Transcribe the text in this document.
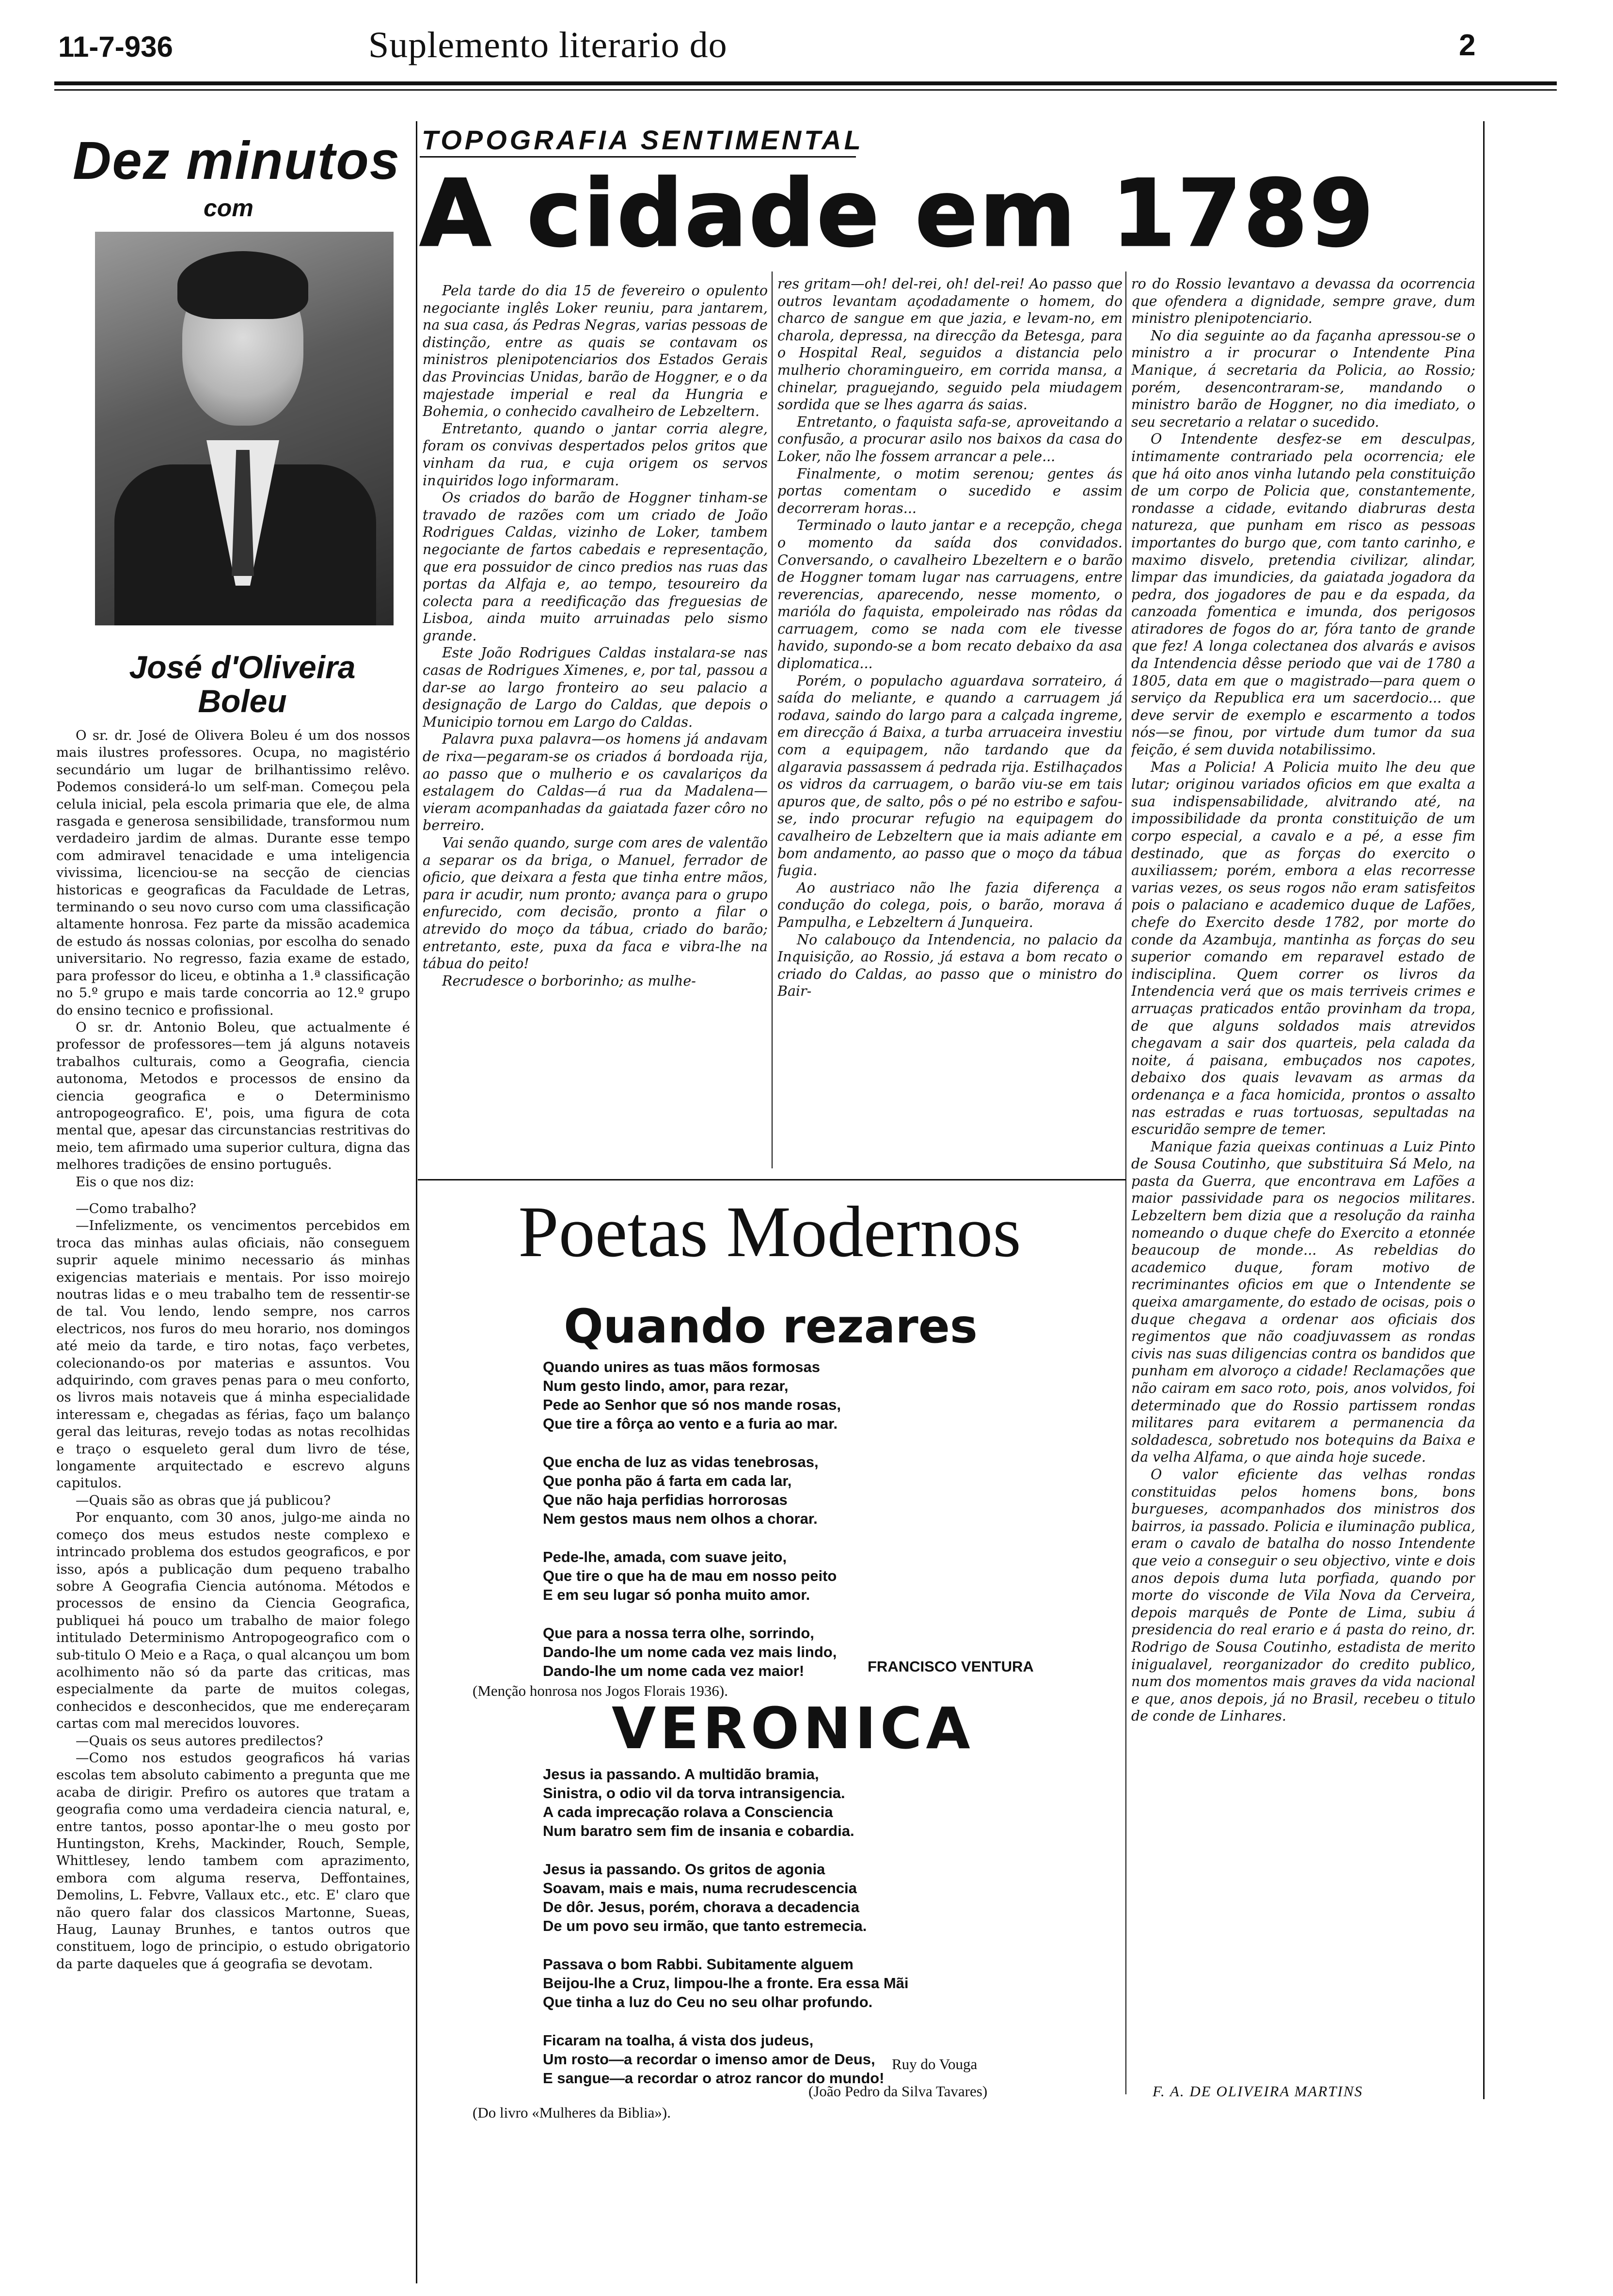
11-7-936	Suplemento literario do	2
Dez minutos
com
José d'Oliveira
Boleu

O sr. dr. José de Olivera Boleu é um dos nossos mais ilustres professores. Ocupa, no magistério secundário um lugar de brilhantissimo relêvo. Podemos considerá-lo um self-man. Começou pela celula inicial, pela escola primaria que ele, de alma rasgada e generosa sensibilidade, transformou num verdadeiro jardim de almas. Durante esse tempo com admiravel tenacidade e uma inteligencia vivissima, licenciou-se na secção de ciencias historicas e geograficas da Faculdade de Letras, terminando o seu novo curso com uma classificação altamente honrosa. Fez parte da missão academica de estudo ás nossas colonias, por escolha do senado universitario. No regresso, fazia exame de estado, para professor do liceu, e obtinha a 1.ª classificação no 5.º grupo e mais tarde concorria ao 12.º grupo do ensino tecnico e profissional.

O sr. dr. Antonio Boleu, que actualmente é professor de professores—tem já alguns notaveis trabalhos culturais, como a Geografia, ciencia autonoma, Metodos e processos de ensino da ciencia geografica e o Determinismo antropogeografico. E', pois, uma figura de cota mental que, apesar das circunstancias restritivas do meio, tem afirmado uma superior cultura, digna das melhores tradições de ensino português.

Eis o que nos diz:

—Como trabalho?

—Infelizmente, os vencimentos percebidos em troca das minhas aulas oficiais, não conseguem suprir aquele minimo necessario ás minhas exigencias materiais e mentais. Por isso moirejo noutras lidas e o meu trabalho tem de ressentir-se de tal. Vou lendo, lendo sempre, nos carros electricos, nos furos do meu horario, nos domingos até meio da tarde, e tiro notas, faço verbetes, colecionando-os por materias e assuntos. Vou adquirindo, com graves penas para o meu conforto, os livros mais notaveis que á minha especialidade interessam e, chegadas as férias, faço um balanço geral das leituras, revejo todas as notas recolhidas e traço o esqueleto geral dum livro de tése, longamente arquitectado e escrevo alguns capitulos.

—Quais são as obras que já publicou?

Por enquanto, com 30 anos, julgo-me ainda no começo dos meus estudos neste complexo e intrincado problema dos estudos geograficos, e por isso, após a publicação dum pequeno trabalho sobre A Geografia Ciencia autónoma. Métodos e processos de ensino da Ciencia Geografica, publiquei há pouco um trabalho de maior folego intitulado Determinismo Antropogeografico com o sub-titulo O Meio e a Raça, o qual alcançou um bom acolhimento não só da parte das criticas, mas especialmente da parte de muitos colegas, conhecidos e desconhecidos, que me endereçaram cartas com mal merecidos louvores.

—Quais os seus autores predilectos?

—Como nos estudos geograficos há varias escolas tem absoluto cabimento a pregunta que me acaba de dirigir. Prefiro os autores que tratam a geografia como uma verdadeira ciencia natural, e, entre tantos, posso apontar-lhe o meu gosto por Huntingston, Krehs, Mackinder, Rouch, Semple, Whittlesey, lendo tambem com aprazimento, embora com alguma reserva, Deffontaines, Demolins, L. Febvre, Vallaux etc., etc. E' claro que não quero falar dos classicos Martonne, Sueas, Haug, Launay Brunhes, e tantos outros que constituem, logo de principio, o estudo obrigatorio da parte daqueles que á geografia se devotam.

TOPOGRAFIA SENTIMENTAL
A cidade em 1789

Pela tarde do dia 15 de fevereiro o opulento negociante inglês Loker reuniu, para jantarem, na sua casa, ás Pedras Negras, varias pessoas de distinção, entre as quais se contavam os ministros plenipotenciarios dos Estados Gerais das Provincias Unidas, barão de Hoggner, e o da majestade imperial e real da Hungria e Bohemia, o conhecido cavalheiro de Lebzeltern.

Entretanto, quando o jantar corria alegre, foram os convivas despertados pelos gritos que vinham da rua, e cuja origem os servos inquiridos logo informaram.

Os criados do barão de Hoggner tinham-se travado de razões com um criado de João Rodrigues Caldas, vizinho de Loker, tambem negociante de fartos cabedais e representação, que era possuidor de cinco predios nas ruas das portas da Alfaja e, ao tempo, tesoureiro da colecta para a reedificação das freguesias de Lisboa, ainda muito arruinadas pelo sismo grande.

Este João Rodrigues Caldas instalara-se nas casas de Rodrigues Ximenes, e, por tal, passou a dar-se ao largo fronteiro ao seu palacio a designação de Largo do Caldas, que depois o Municipio tornou em Largo do Caldas.

Palavra puxa palavra—os homens já andavam de rixa—pegaram-se os criados á bordoada rija, ao passo que o mulherio e os cavalariços da estalagem do Caldas—á rua da Madalena—vieram acompanhadas da gaiatada fazer côro no berreiro.

Vai senão quando, surge com ares de valentão a separar os da briga, o Manuel, ferrador de oficio, que deixara a festa que tinha entre mãos, para ir acudir, num pronto; avança para o grupo enfurecido, com decisão, pronto a filar o atrevido do moço da tábua, criado do barão; entretanto, este, puxa da faca e vibra-lhe na tábua do peito!

Recrudesce o borborinho; as mulhe-

res gritam—oh! del-rei, oh! del-rei! Ao passo que outros levantam açodadamente o homem, do charco de sangue em que jazia, e levam-no, em charola, depressa, na direcção da Betesga, para o Hospital Real, seguidos a distancia pelo mulherio choramingueiro, em corrida mansa, a chinelar, praguejando, seguido pela miudagem sordida que se lhes agarra ás saias.

Entretanto, o faquista safa-se, aproveitando a confusão, a procurar asilo nos baixos da casa do Loker, não lhe fossem arrancar a pele...

Finalmente, o motim serenou; gentes ás portas comentam o sucedido e assim decorreram horas...

Terminado o lauto jantar e a recepção, chega o momento da saída dos convidados. Conversando, o cavalheiro Lbezeltern e o barão de Hoggner tomam lugar nas carruagens, entre reverencias, aparecendo, nesse momento, o marióla do faquista, empoleirado nas rôdas da carruagem, como se nada com ele tivesse havido, supondo-se a bom recato debaixo da asa diplomatica...

Porém, o populacho aguardava sorrateiro, á saída do meliante, e quando a carruagem já rodava, saindo do largo para a calçada ingreme, em direcção á Baixa, a turba arruaceira investiu com a equipagem, não tardando que da algaravia passassem á pedrada rija. Estilhaçados os vidros da carruagem, o barão viu-se em tais apuros que, de salto, pôs o pé no estribo e safou-se, indo procurar refugio na equipagem do cavalheiro de Lebzeltern que ia mais adiante em bom andamento, ao passo que o moço da tábua fugia.

Ao austriaco não lhe fazia diferença a condução do colega, pois, o barão, morava á Pampulha, e Lebzeltern á Junqueira.

No calabouço da Intendencia, no palacio da Inquisição, ao Rossio, já estava a bom recato o criado do Caldas, ao passo que o ministro do Bair-

ro do Rossio levantavo a devassa da ocorrencia que ofendera a dignidade, sempre grave, dum ministro plenipotenciario.

No dia seguinte ao da façanha apressou-se o ministro a ir procurar o Intendente Pina Manique, á secretaria da Policia, ao Rossio; porém, desencontraram-se, mandando o ministro barão de Hoggner, no dia imediato, o seu secretario a relatar o sucedido.

O Intendente desfez-se em desculpas, intimamente contrariado pela ocorrencia; ele que há oito anos vinha lutando pela constituição de um corpo de Policia que, constantemente, rondasse a cidade, evitando diabruras desta natureza, que punham em risco as pessoas importantes do burgo que, com tanto carinho, e maximo disvelo, pretendia civilizar, alindar, limpar das imundicies, da gaiatada jogadora da pedra, dos jogadores de pau e da espada, da canzoada fomentica e imunda, dos perigosos atiradores de fogos do ar, fóra tanto de grande que fez! A longa colectanea dos alvarás e avisos da Intendencia dêsse periodo que vai de 1780 a 1805, data em que o magistrado—para quem o serviço da Republica era um sacerdocio... que deve servir de exemplo e escarmento a todos nós—se finou, por virtude dum tumor da sua feição, é sem duvida notabilissimo.

Mas a Policia! A Policia muito lhe deu que lutar; originou variados oficios em que exalta a sua indispensabilidade, alvitrando até, na impossibilidade da pronta constituição de um corpo especial, a cavalo e a pé, a esse fim destinado, que as forças do exercito o auxiliassem; porém, embora a elas recorresse varias vezes, os seus rogos não eram satisfeitos pois o palaciano e academico duque de Lafões, chefe do Exercito desde 1782, por morte do conde da Azambuja, mantinha as forças do seu superior comando em reparavel estado de indisciplina. Quem correr os livros da Intendencia verá que os mais terriveis crimes e arruaças praticados então provinham da tropa, de que alguns soldados mais atrevidos chegavam a sair dos quarteis, pela calada da noite, á paisana, embuçados nos capotes, debaixo dos quais levavam as armas da ordenança e a faca homicida, prontos o assalto nas estradas e ruas tortuosas, sepultadas na escuridão sempre de temer.

Manique fazia queixas continuas a Luiz Pinto de Sousa Coutinho, que substituira Sá Melo, na pasta da Guerra, que encontrava em Lafões a maior passividade para os negocios militares. Lebzeltern bem dizia que a resolução da rainha nomeando o duque chefe do Exercito a etonnée beaucoup de monde... As rebeldias do academico duque, foram motivo de recriminantes oficios em que o Intendente se queixa amargamente, do estado de ocisas, pois o duque chegava a ordenar aos oficiais dos regimentos que não coadjuvassem as rondas civis nas suas diligencias contra os bandidos que punham em alvoroço a cidade! Reclamações que não cairam em saco roto, pois, anos volvidos, foi determinado que do Rossio partissem rondas militares para evitarem a permanencia da soldadesca, sobretudo nos botequins da Baixa e da velha Alfama, o que ainda hoje sucede.

O valor eficiente das velhas rondas constituidas pelos homens bons, bons burgueses, acompanhados dos ministros dos bairros, ia passado. Policia e iluminação publica, eram o cavalo de batalha do nosso Intendente que veio a conseguir o seu objectivo, vinte e dois anos depois duma luta porfiada, quando por morte do visconde de Vila Nova da Cerveira, depois marquês de Ponte de Lima, subiu á presidencia do real erario e á pasta do reino, dr. Rodrigo de Sousa Coutinho, estadista de merito inigualavel, reorganizador do credito publico, num dos momentos mais graves da vida nacional e que, anos depois, já no Brasil, recebeu o titulo de conde de Linhares.

F. A. DE OLIVEIRA MARTINS
Poetas Modernos
Quando rezares
Quando unires as tuas mãos formosas
Num gesto lindo, amor, para rezar,
Pede ao Senhor que só nos mande rosas,
Que tire a fôrça ao vento e a furia ao mar.
Que encha de luz as vidas tenebrosas,
Que ponha pão á farta em cada lar,
Que não haja perfidias horrorosas
Nem gestos maus nem olhos a chorar.
Pede-lhe, amada, com suave jeito,
Que tire o que ha de mau em nosso peito
E em seu lugar só ponha muito amor.
Que para a nossa terra olhe, sorrindo,
Dando-lhe um nome cada vez mais lindo,
Dando-lhe um nome cada vez maior!	FRANCISCO VENTURA
(Menção honrosa nos Jogos Florais 1936).
VERONICA
Jesus ia passando. A multidão bramia,
Sinistra, o odio vil da torva intransigencia.
A cada imprecação rolava a Consciencia
Num baratro sem fim de insania e cobardia.
Jesus ia passando. Os gritos de agonia
Soavam, mais e mais, numa recrudescencia
De dôr. Jesus, porém, chorava a decadencia
De um povo seu irmão, que tanto estremecia.
Passava o bom Rabbi. Subitamente alguem
Beijou-lhe a Cruz, limpou-lhe a fronte. Era essa Mãi
Que tinha a luz do Ceu no seu olhar profundo.
Ficaram na toalha, á vista dos judeus,
Um rosto—a recordar o imenso amor de Deus,
E sangue—a recordar o atroz rancor do mundo!
Ruy do Vouga
(João Pedro da Silva Tavares)
(Do livro «Mulheres da Biblia»).
